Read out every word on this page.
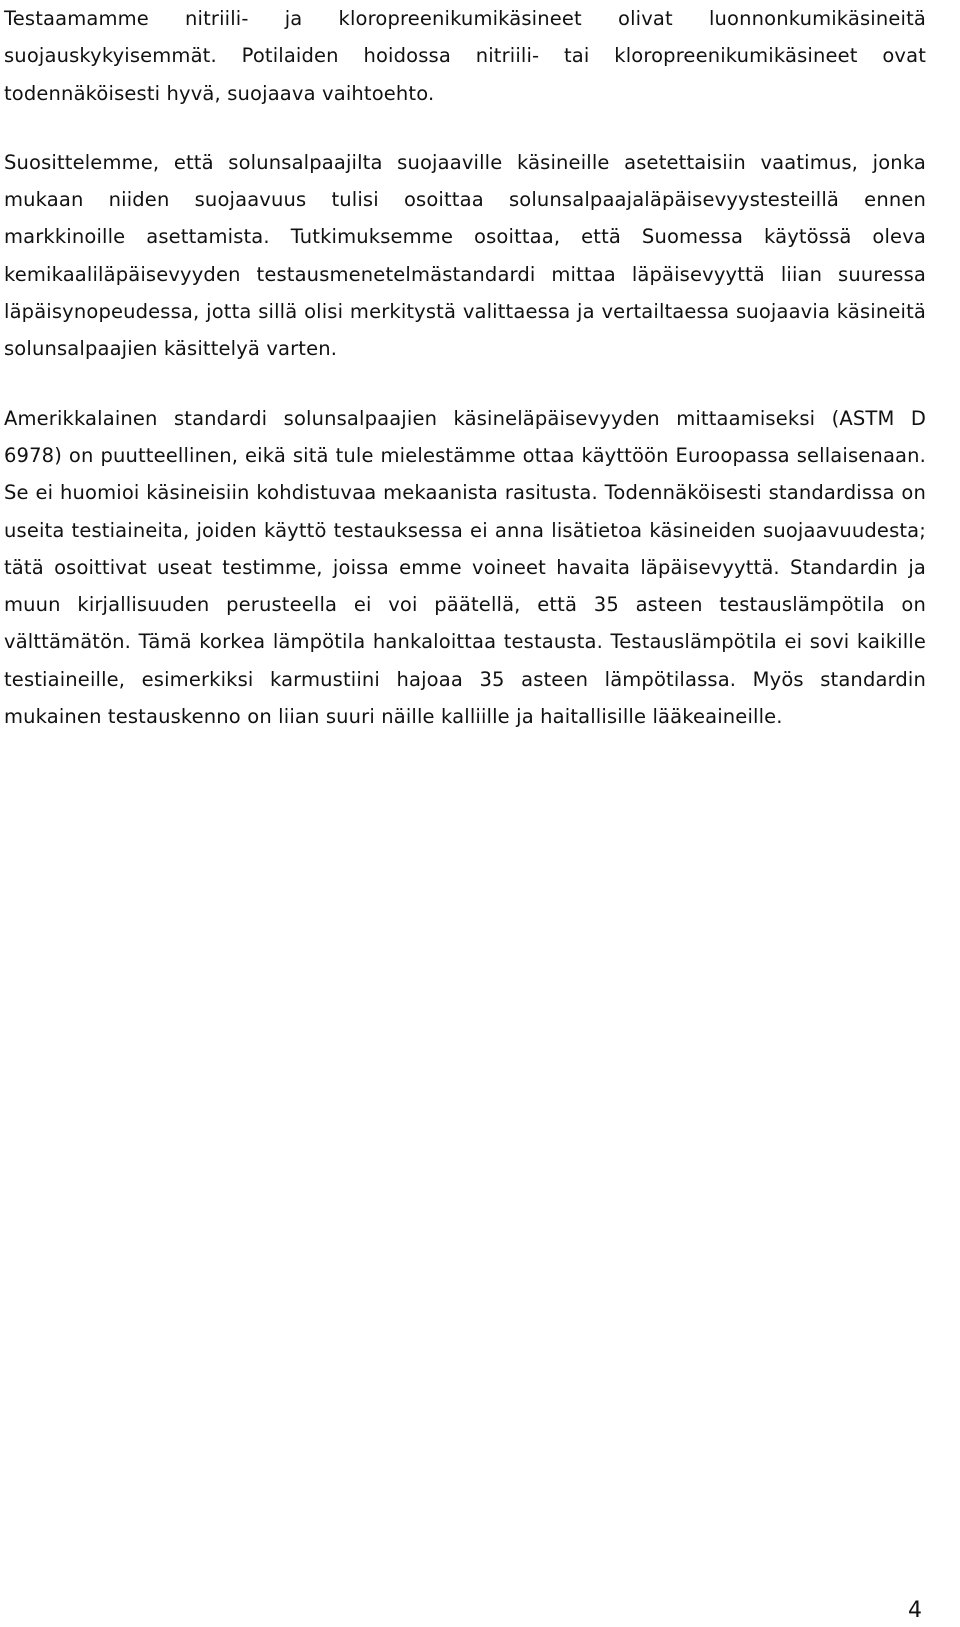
Testaamamme nitriili- ja kloropreenikumikäsineet olivat luonnonkumikäsineitä suojauskykyisemmät. Potilaiden hoidossa nitriili- tai kloropreenikumikäsineet ovat todennäköisesti hyvä, suojaava vaihtoehto.

Suosittelemme, että solunsalpaajilta suojaaville käsineille asetettaisiin vaatimus, jonka mukaan niiden suojaavuus tulisi osoittaa solunsalpaajaläpäisevyystesteillä ennen markkinoille asettamista. Tutkimuksemme osoittaa, että Suomessa käytössä oleva kemikaaliläpäisevyyden testausmenetelmästandardi mittaa läpäisevyyttä liian suuressa läpäisynopeudessa, jotta sillä olisi merkitystä valittaessa ja vertailtaessa suojaavia käsineitä solunsalpaajien käsittelyä varten.

Amerikkalainen standardi solunsalpaajien käsineläpäisevyyden mittaamiseksi (ASTM D 6978) on puutteellinen, eikä sitä tule mielestämme ottaa käyttöön Euroopassa sellaisenaan. Se ei huomioi käsineisiin kohdistuvaa mekaanista rasitusta. Todennäköisesti standardissa on useita testiaineita, joiden käyttö testauksessa ei anna lisätietoa käsineiden suojaavuudesta; tätä osoittivat useat testimme, joissa emme voineet havaita läpäisevyyttä. Standardin ja muun kirjallisuuden perusteella ei voi päätellä, että 35 asteen testauslämpötila on välttämätön. Tämä korkea lämpötila hankaloittaa testausta. Testauslämpötila ei sovi kaikille testiaineille, esimerkiksi karmustiini hajoaa 35 asteen lämpötilassa. Myös standardin mukainen testauskenno on liian suuri näille kalliille ja haitallisille lääkeaineille.

4
